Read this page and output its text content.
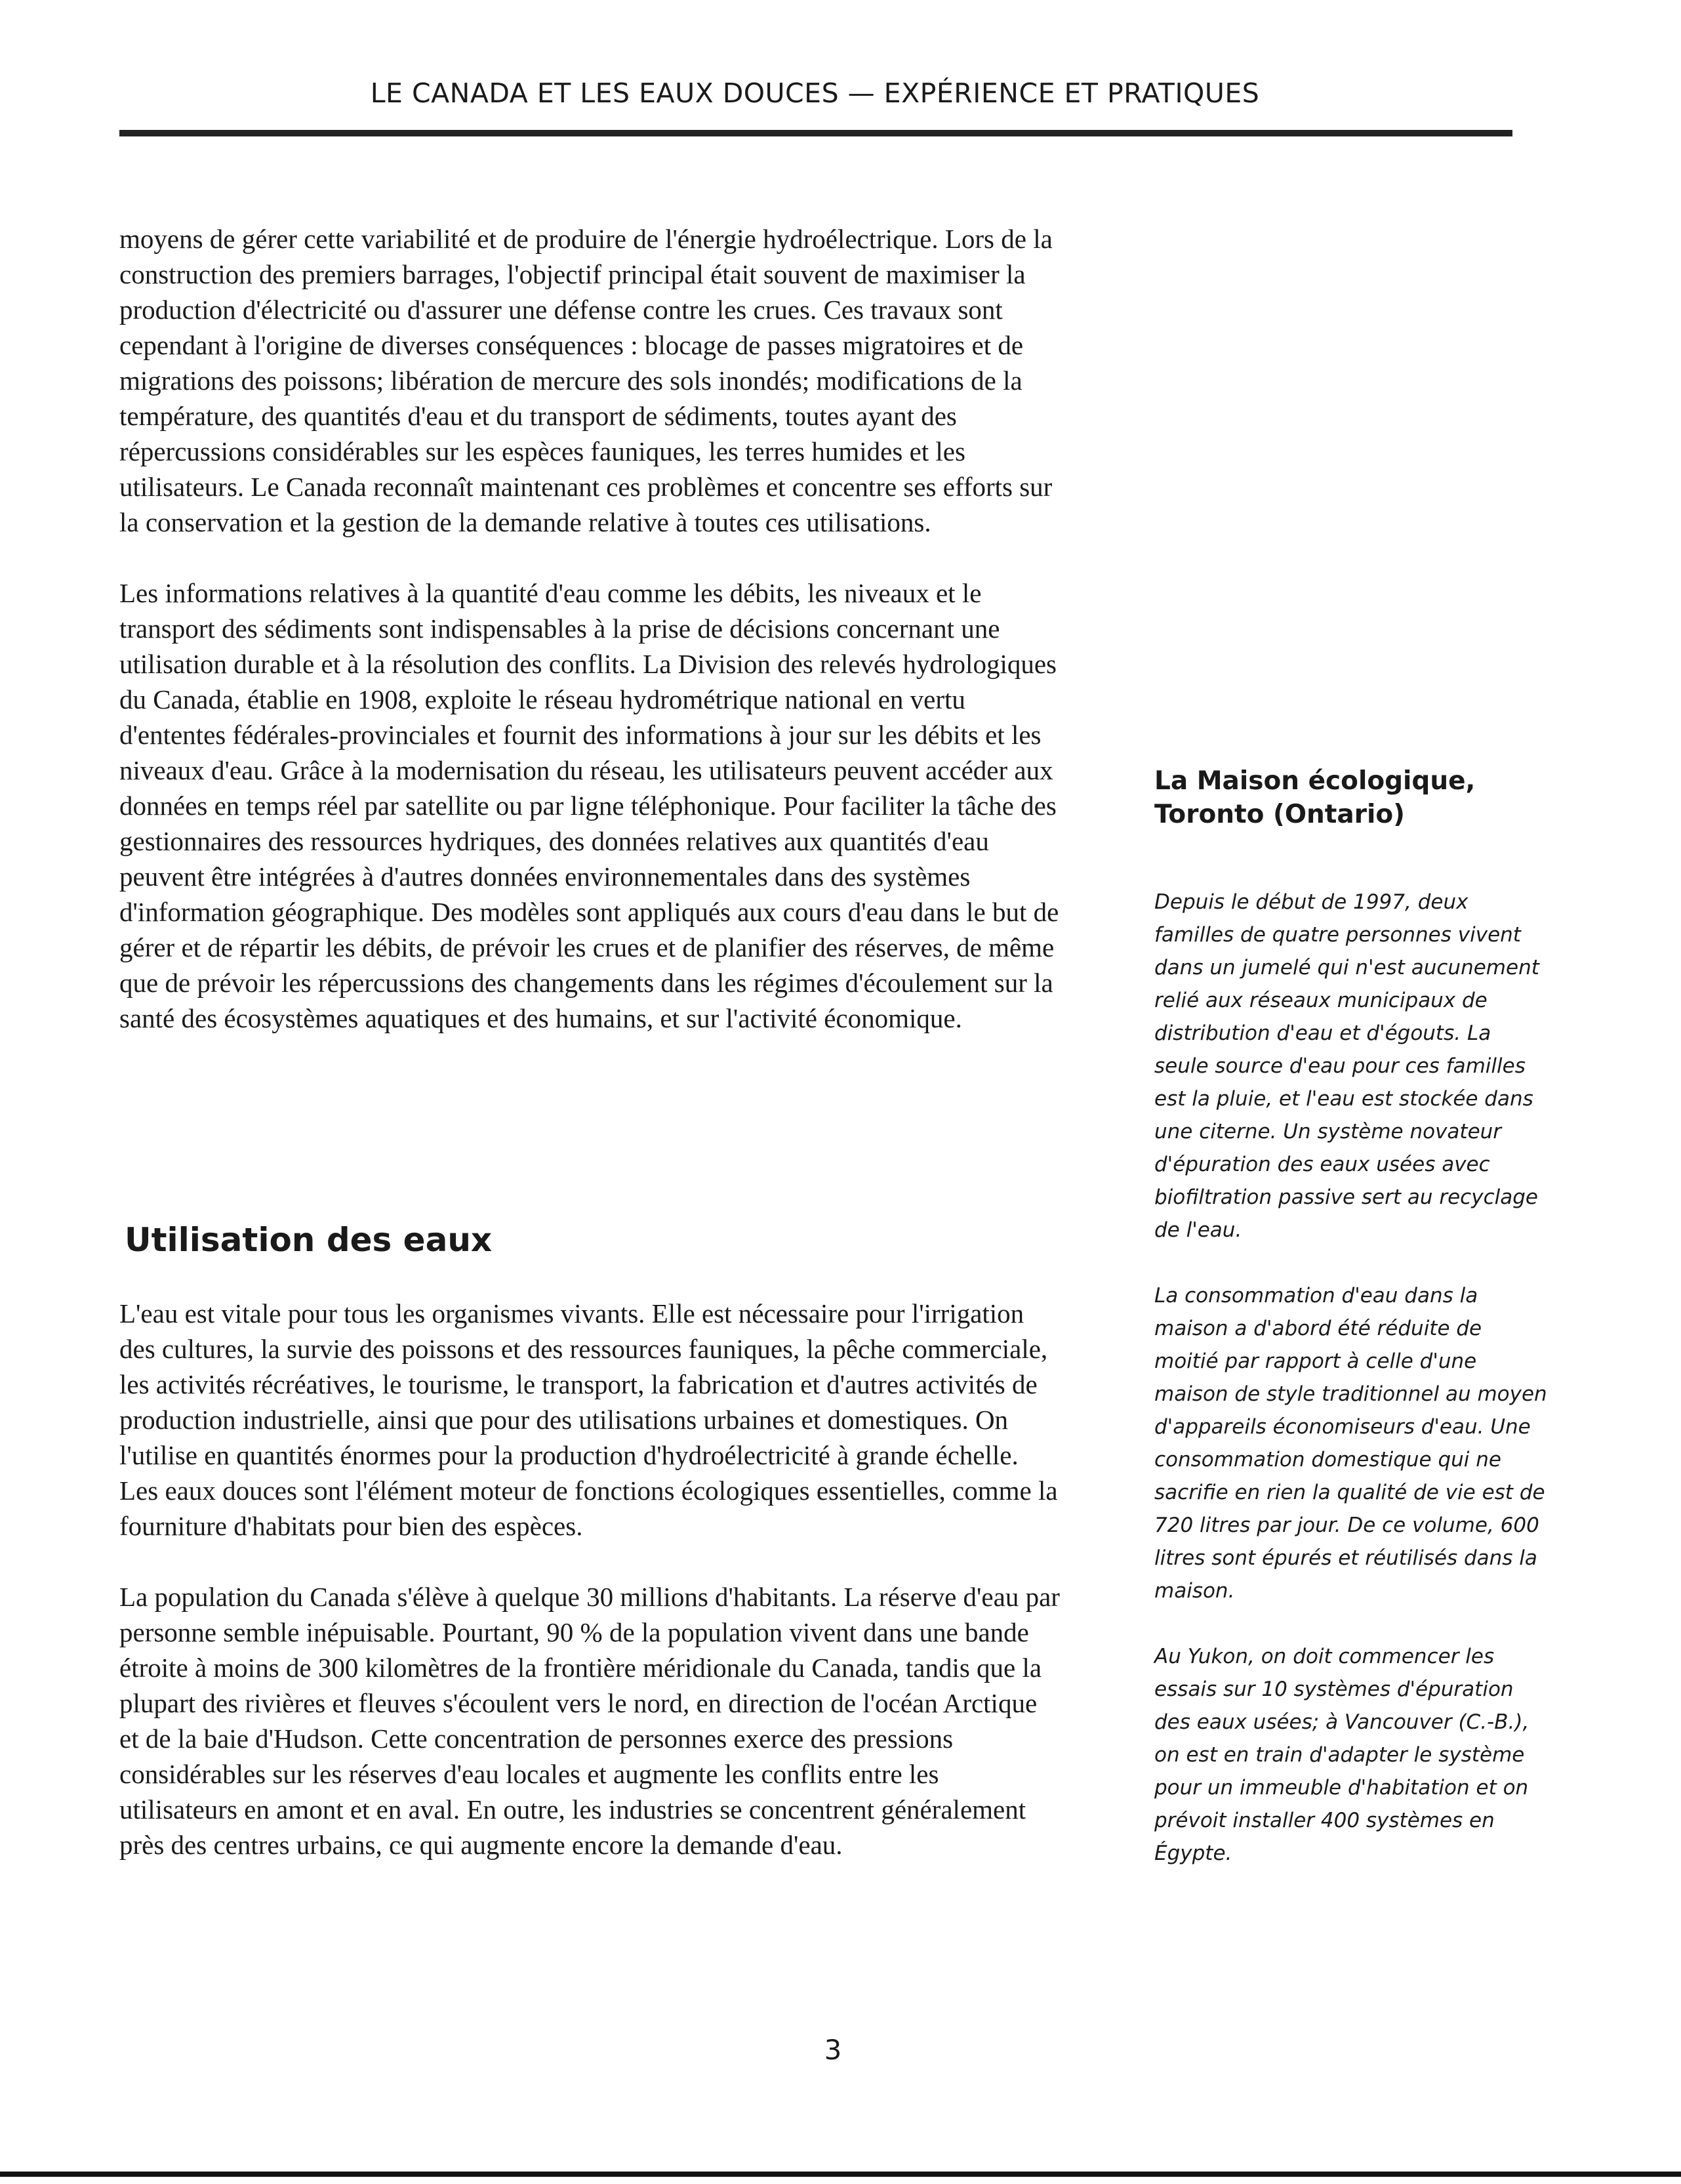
LE CANADA ET LES EAUX DOUCES — EXPÉRIENCE ET PRATIQUES

moyens de gérer cette variabilité et de produire de l'énergie hydroélectrique. Lors de la construction des premiers barrages, l'objectif principal était souvent de maximiser la production d'électricité ou d'assurer une défense contre les crues. Ces travaux sont cependant à l'origine de diverses conséquences : blocage de passes migratoires et de migrations des poissons; libération de mercure des sols inondés; modifications de la température, des quantités d'eau et du transport de sédiments, toutes ayant des répercussions considérables sur les espèces fauniques, les terres humides et les utilisateurs. Le Canada reconnaît maintenant ces problèmes et concentre ses efforts sur la conservation et la gestion de la demande relative à toutes ces utilisations.

Les informations relatives à la quantité d'eau comme les débits, les niveaux et le transport des sédiments sont indispensables à la prise de décisions concernant une utilisation durable et à la résolution des conflits. La Division des relevés hydrologiques du Canada, établie en 1908, exploite le réseau hydrométrique national en vertu d'ententes fédérales-provinciales et fournit des informations à jour sur les débits et les niveaux d'eau. Grâce à la modernisation du réseau, les utilisateurs peuvent accéder aux données en temps réel par satellite ou par ligne téléphonique. Pour faciliter la tâche des gestionnaires des ressources hydriques, des données relatives aux quantités d'eau peuvent être intégrées à d'autres données environnementales dans des systèmes d'information géographique. Des modèles sont appliqués aux cours d'eau dans le but de gérer et de répartir les débits, de prévoir les crues et de planifier des réserves, de même que de prévoir les répercussions des changements dans les régimes d'écoulement sur la santé des écosystèmes aquatiques et des humains, et sur l'activité économique.

Utilisation des eaux

L'eau est vitale pour tous les organismes vivants. Elle est nécessaire pour l'irrigation des cultures, la survie des poissons et des ressources fauniques, la pêche commerciale, les activités récréatives, le tourisme, le transport, la fabrication et d'autres activités de production industrielle, ainsi que pour des utilisations urbaines et domestiques. On l'utilise en quantités énormes pour la production d'hydroélectricité à grande échelle. Les eaux douces sont l'élément moteur de fonctions écologiques essentielles, comme la fourniture d'habitats pour bien des espèces.

La population du Canada s'élève à quelque 30 millions d'habitants. La réserve d'eau par personne semble inépuisable. Pourtant, 90 % de la population vivent dans une bande étroite à moins de 300 kilomètres de la frontière méridionale du Canada, tandis que la plupart des rivières et fleuves s'écoulent vers le nord, en direction de l'océan Arctique et de la baie d'Hudson. Cette concentration de personnes exerce des pressions considérables sur les réserves d'eau locales et augmente les conflits entre les utilisateurs en amont et en aval. En outre, les industries se concentrent généralement près des centres urbains, ce qui augmente encore la demande d'eau.

La Maison écologique, Toronto (Ontario)

Depuis le début de 1997, deux familles de quatre personnes vivent dans un jumelé qui n'est aucunement relié aux réseaux municipaux de distribution d'eau et d'égouts. La seule source d'eau pour ces familles est la pluie, et l'eau est stockée dans une citerne. Un système novateur d'épuration des eaux usées avec biofiltration passive sert au recyclage de l'eau.

La consommation d'eau dans la maison a d'abord été réduite de moitié par rapport à celle d'une maison de style traditionnel au moyen d'appareils économiseurs d'eau. Une consommation domestique qui ne sacrifie en rien la qualité de vie est de 720 litres par jour. De ce volume, 600 litres sont épurés et réutilisés dans la maison.

Au Yukon, on doit commencer les essais sur 10 systèmes d'épuration des eaux usées; à Vancouver (C.-B.), on est en train d'adapter le système pour un immeuble d'habitation et on prévoit installer 400 systèmes en Égypte.

3
